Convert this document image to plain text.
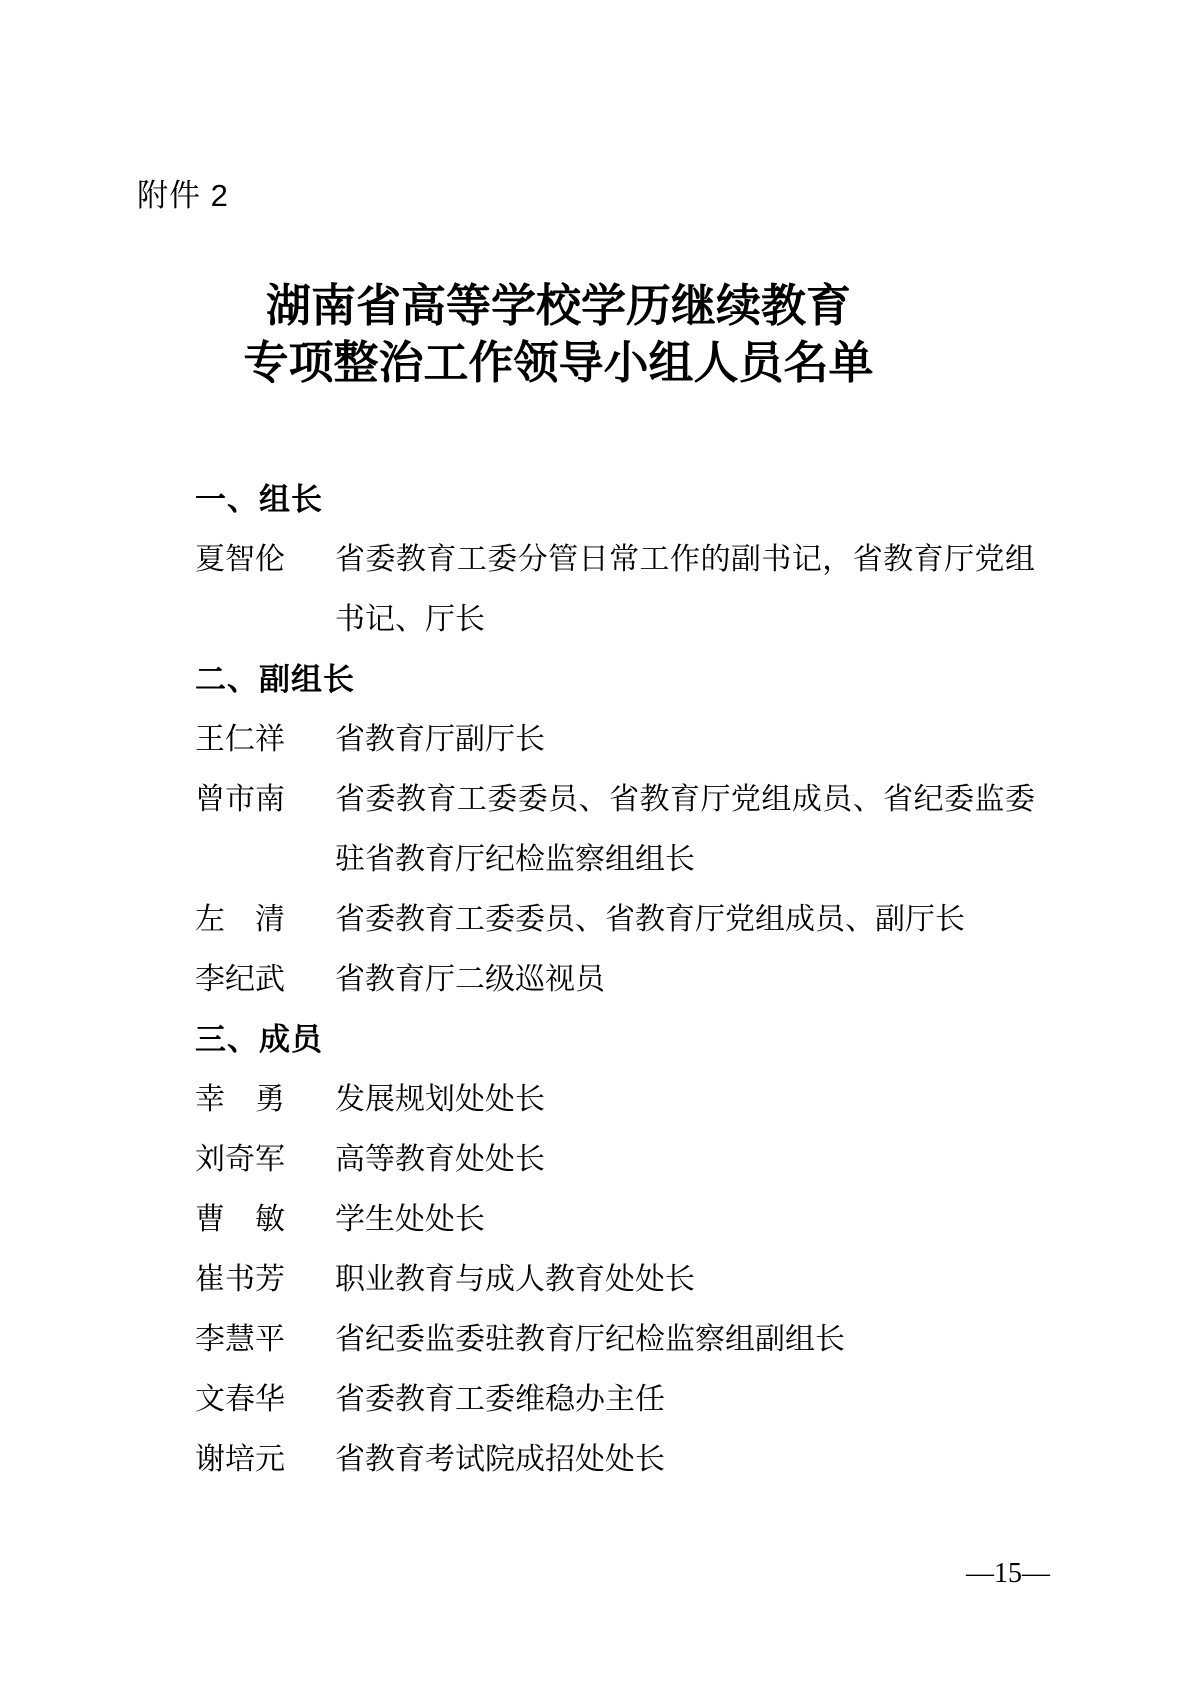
附件 2
湖南省高等学校学历继续教育
专项整治工作领导小组人员名单
一、组长
夏智伦	省委教育工委分管日常工作的副书记，省教育厅党组书记、厅长
二、副组长
王仁祥	省教育厅副厅长
曾市南	省委教育工委委员、省教育厅党组成员、省纪委监委驻省教育厅纪检监察组组长
左　清	省委教育工委委员、省教育厅党组成员、副厅长
李纪武	省教育厅二级巡视员
三、成员
幸　勇	发展规划处处长
刘奇军	高等教育处处长
曹　敏	学生处处长
崔书芳	职业教育与成人教育处处长
李慧平	省纪委监委驻教育厅纪检监察组副组长
文春华	省委教育工委维稳办主任
谢培元	省教育考试院成招处处长
—15—
